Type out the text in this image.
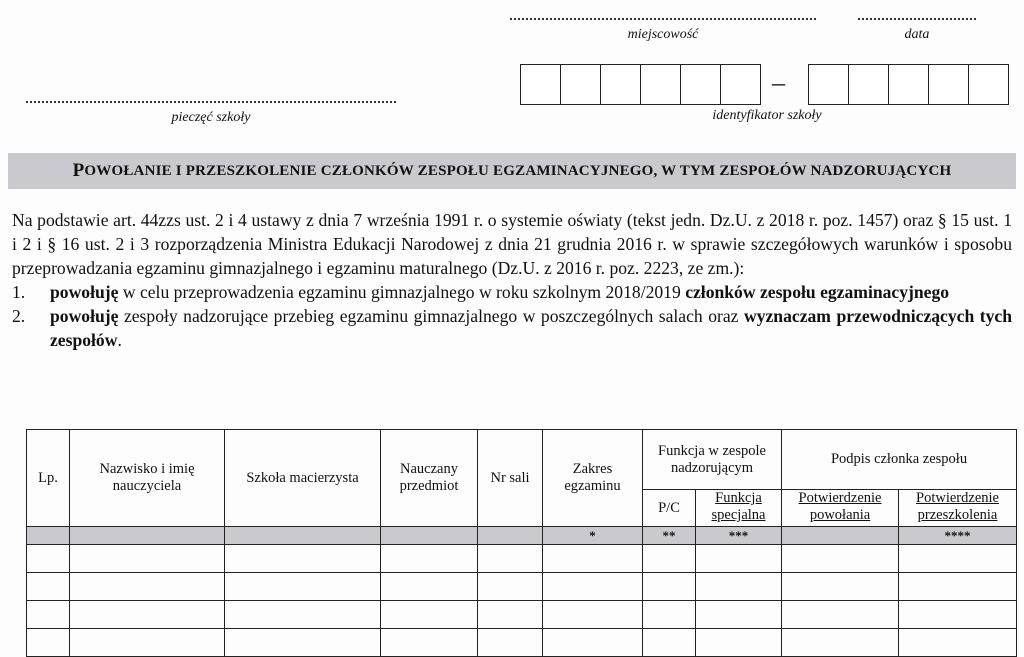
miejscowość	data
pieczęć szkoły
–
identyfikator szkoły
P OWOŁANIE I PRZESZKOLENIE CZŁONKÓW ZESPOŁU EGZAMINACYJNEGO, W TYM ZESPOŁÓW NADZORUJĄCYCH

Na podstawie art. 44zzs ust. 2 i 4 ustawy z dnia 7 września 1991 r. o systemie oświaty (tekst jedn. Dz.U. z 2018 r. poz. 1457) oraz § 15 ust. 1 i 2 i § 16 ust. 2 i 3 rozporządzenia Ministra Edukacji Narodowej z dnia 21 grudnia 2016 r. w sprawie szczegółowych warunków i sposobu przeprowadzania egzaminu gimnazjalnego i egzaminu maturalnego (Dz.U. z 2016 r. poz. 2223, ze zm.):

1. powołuję w celu przeprowadzenia egzaminu gimnazjalnego w roku szkolnym 2018/2019 członków zespołu egzaminacyjnego
2. powołuję zespoły nadzorujące przebieg egzaminu gimnazjalnego w poszczególnych salach oraz wyznaczam przewodniczących tych zespołów.
Lp.	Nazwisko i imię nauczyciela	Szkoła macierzysta	Nauczany przedmiot	Nr sali	Zakres egzaminu	Funkcja w zespole nadzorującym		Podpis członka zespołu	
						P/C	Funkcja specjalna	Potwierdzenie powołania	Potwierdzenie przeszkolenia
					*	**	***		****
